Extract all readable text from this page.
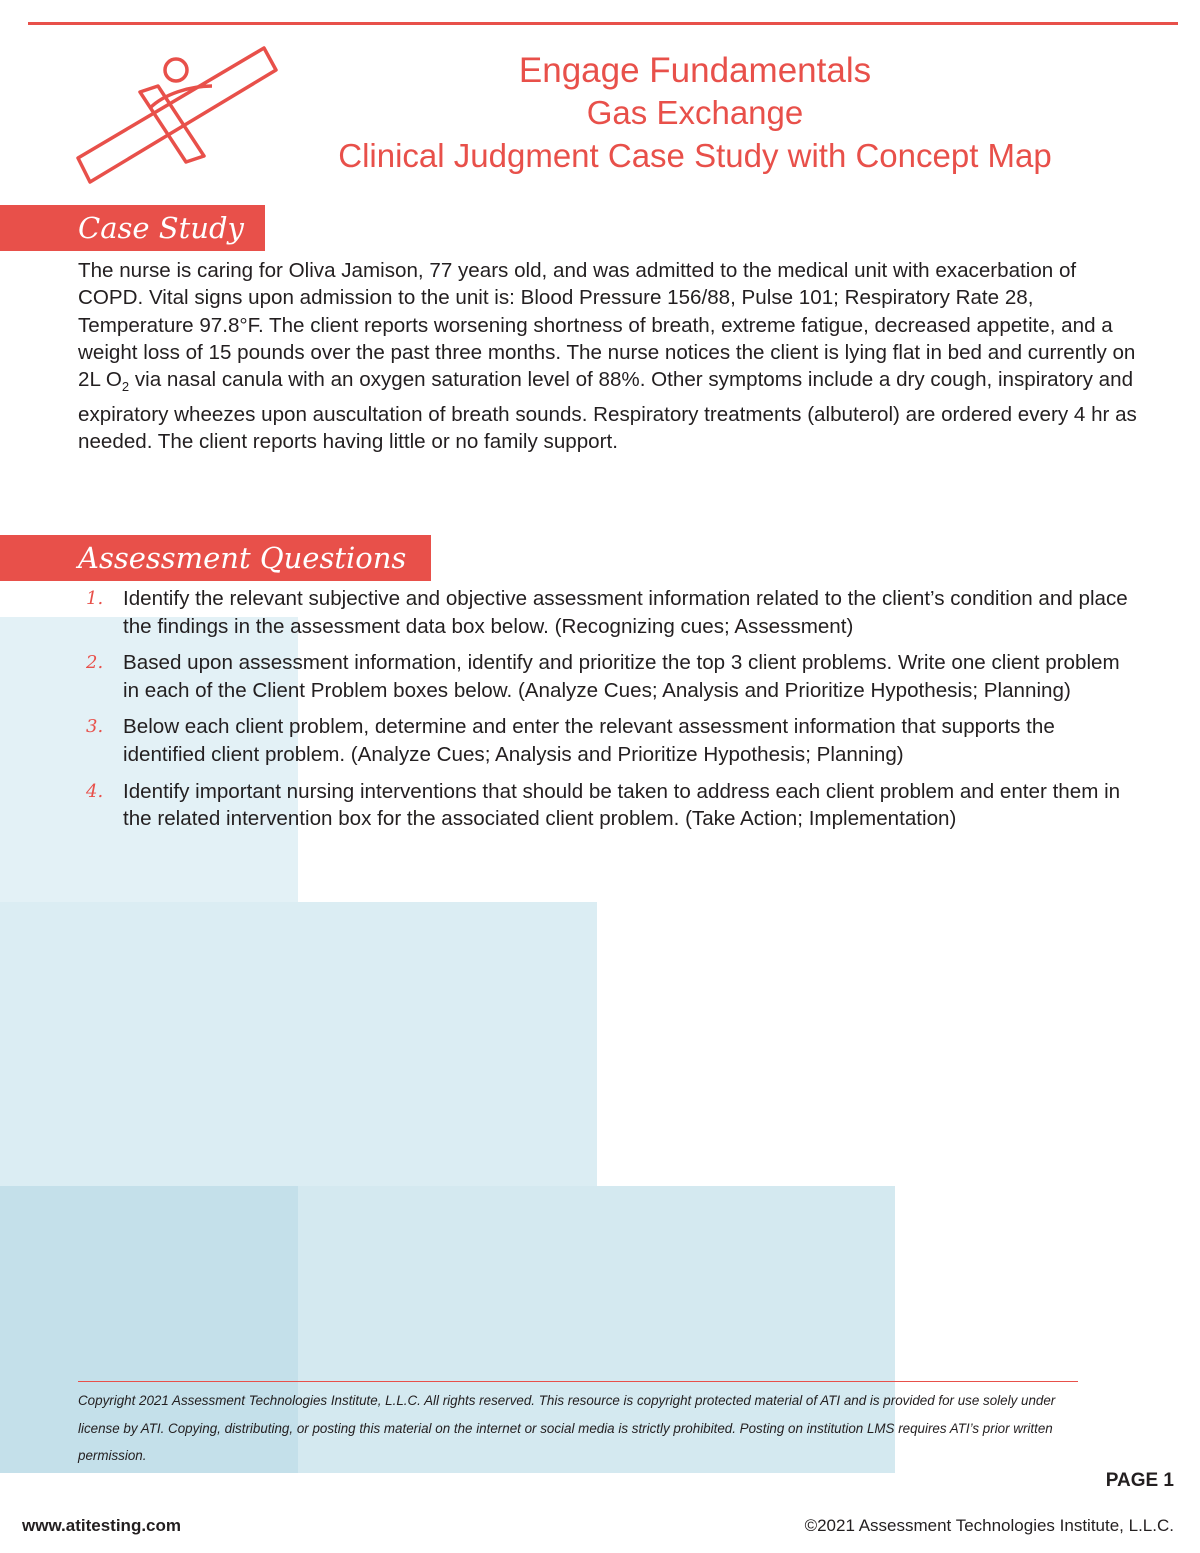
Engage Fundamentals
Gas Exchange
Clinical Judgment Case Study with Concept Map
Case Study

The nurse is caring for Oliva Jamison, 77 years old, and was admitted to the medical unit with exacerbation of COPD. Vital signs upon admission to the unit is: Blood Pressure 156/88, Pulse 101; Respiratory Rate 28, Temperature 97.8°F. The client reports worsening shortness of breath, extreme fatigue, decreased appetite, and a weight loss of 15 pounds over the past three months. The nurse notices the client is lying flat in bed and currently on 2L $O_2$ via nasal canula with an oxygen saturation level of 88%. Other symptoms include a dry cough, inspiratory and expiratory wheezes upon auscultation of breath sounds. Respiratory treatments (albuterol) are ordered every 4 hr as needed. The client reports having little or no family support.

Assessment Questions
1. Identify the relevant subjective and objective assessment information related to the client’s condition and place the findings in the assessment data box below. (Recognizing cues; Assessment)
2. Based upon assessment information, identify and prioritize the top 3 client problems. Write one client problem in each of the Client Problem boxes below. (Analyze Cues; Analysis and Prioritize Hypothesis; Planning)
3. Below each client problem, determine and enter the relevant assessment information that supports the identified client problem. (Analyze Cues; Analysis and Prioritize Hypothesis; Planning)
4. Identify important nursing interventions that should be taken to address each client problem and enter them in the related intervention box for the associated client problem. (Take Action; Implementation)

Copyright 2021 Assessment Technologies Institute, L.L.C. All rights reserved. This resource is copyright protected material of ATI and is provided for use solely under license by ATI. Copying, distributing, or posting this material on the internet or social media is strictly prohibited. Posting on institution LMS requires ATI’s prior written permission.

PAGE 1
www.atitesting.com	©2021 Assessment Technologies Institute, L.L.C.
